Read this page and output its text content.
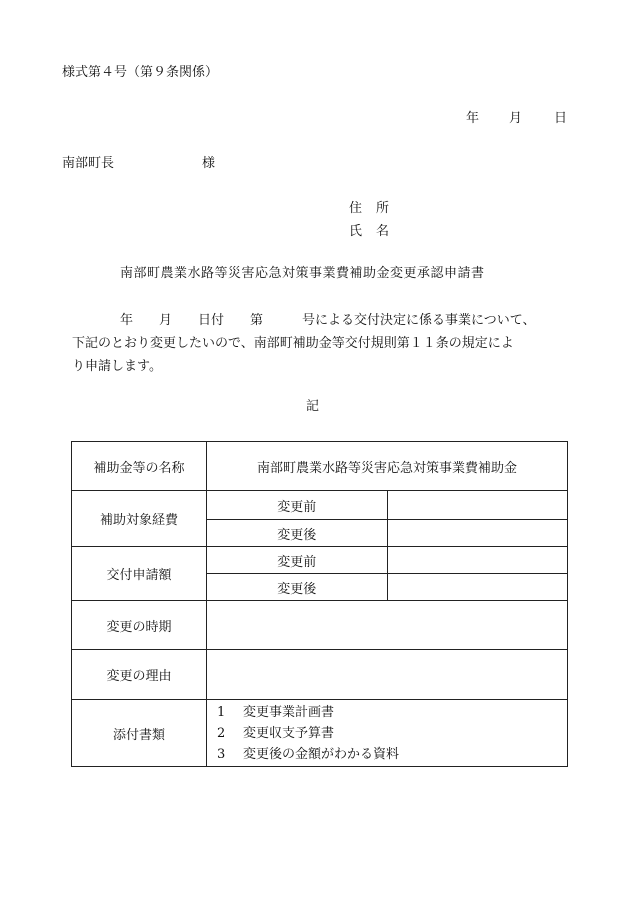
様式第４号（第９条関係）
年 月 日
南部町長	様
住所
氏名
南部町農業水路等災害応急対策事業費補助金変更承認申請書
年　　月　　日付　　第　　　号による交付決定に係る事業について、
下記のとおり変更したいので、南部町補助金等交付規則第１１条の規定によ
り申請します。
記
補助金等の名称	南部町農業水路等災害応急対策事業費補助金	
補助対象経費	変更前	
	変更後	
交付申請額	変更前	
	変更後	
変更の時期		
変更の理由		
添付書類	1 変更事業計画書
2 変更収支予算書
3 変更後の金額がわかる資料	
